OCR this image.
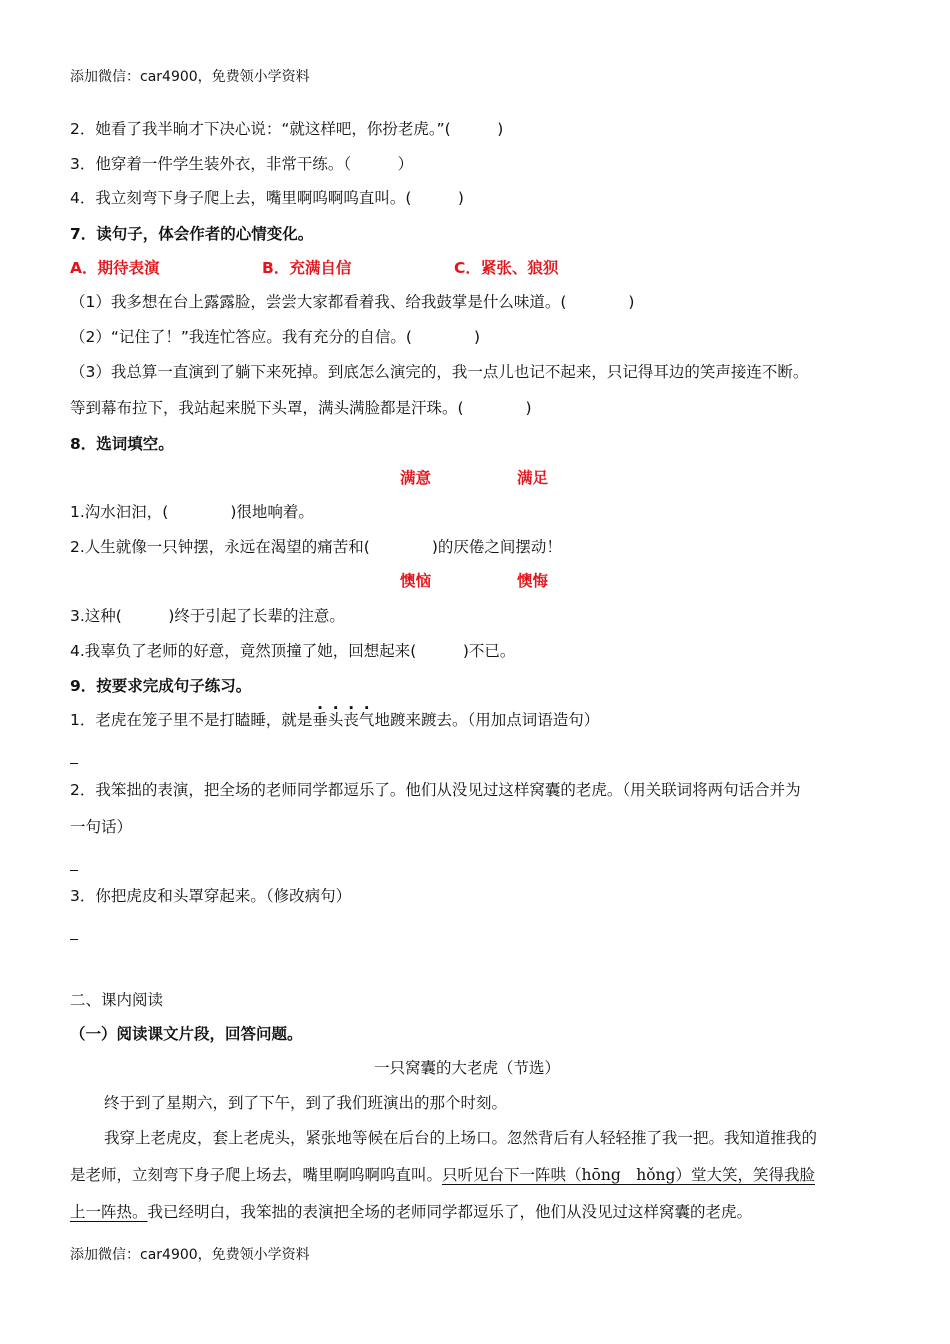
添加微信：car4900，免费领小学资料
2．她看了我半晌才下决心说：“就这样吧，你扮老虎。”(　　　)
3．他穿着一件学生装外衣，非常干练。（　　　）
4．我立刻弯下身子爬上去，嘴里啊呜啊呜直叫。(　　　)
7．读句子，体会作者的心情变化。
A．期待表演	B．充满自信	C．紧张、狼狈
（1）我多想在台上露露脸，尝尝大家都看着我、给我鼓掌是什么味道。(　　　　)
（2）“记住了！”我连忙答应。我有充分的自信。(　　　　)
（3）我总算一直演到了躺下来死掉。到底怎么演完的，我一点儿也记不起来，只记得耳边的笑声接连不断。
等到幕布拉下，我站起来脱下头罩，满头满脸都是汗珠。(　　　　)
8．选词填空。
满意	满足
1.沟水汩汩，(　　　　)很地响着。
2.人生就像一只钟摆，永远在渴望的痛苦和(　　　　)的厌倦之间摆动！
懊恼	懊悔
3.这种(　　　)终于引起了长辈的注意。
4.我辜负了老师的好意，竟然顶撞了她，回想起来(　　　)不已。
9．按要求完成句子练习。
1．老虎在笼子里不是打瞌睡，就是垂头丧气地踱来踱去。（用加点词语造句）
2．我笨拙的表演，把全场的老师同学都逗乐了。他们从没见过这样窝囊的老虎。（用关联词将两句话合并为
一句话）
3．你把虎皮和头罩穿起来。（修改病句）
二、课内阅读
（一）阅读课文片段，回答问题。
一只窝囊的大老虎（节选）
终于到了星期六，到了下午，到了我们班演出的那个时刻。
我穿上老虎皮，套上老虎头，紧张地等候在后台的上场口。忽然背后有人轻轻推了我一把。我知道推我的
是老师，立刻弯下身子爬上场去，嘴里啊呜啊呜直叫。只听见台下一阵哄（hōng　hǒng）堂大笑，笑得我脸
上一阵热。我已经明白，我笨拙的表演把全场的老师同学都逗乐了，他们从没见过这样窝囊的老虎。
添加微信：car4900，免费领小学资料
